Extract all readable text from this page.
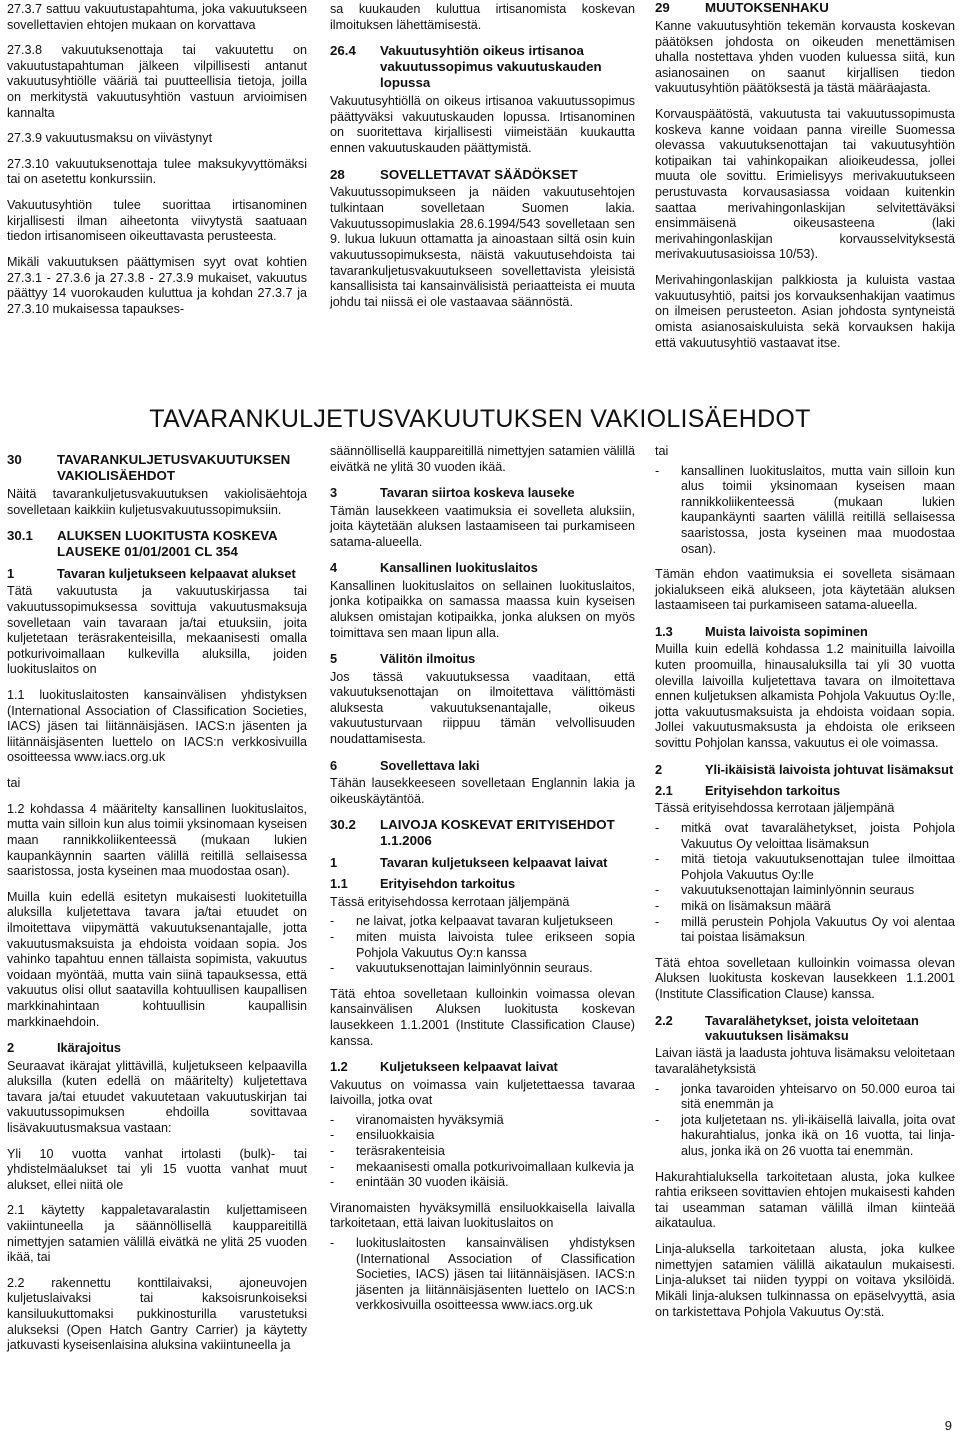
27.3.7 sattuu vakuutustapahtuma, joka vakuutukseen sovellettavien ehtojen mukaan on korvattava

27.3.8 vakuutuksenottaja tai vakuutettu on vakuutustapahtuman jälkeen vilpillisesti antanut vakuutusyhtiölle vääriä tai puutteellisia tietoja, joilla on merkitystä vakuutusyhtiön vastuun arvioimisen kannalta

27.3.9 vakuutusmaksu on viivästynyt

27.3.10 vakuutuksenottaja tulee maksukyvyttömäksi tai on asetettu konkurssiin.

Vakuutusyhtiön tulee suorittaa irtisanominen kirjallisesti ilman aiheetonta viivytystä saatuaan tiedon irtisanomiseen oikeuttavasta perusteesta.

Mikäli vakuutuksen päättymisen syyt ovat kohtien 27.3.1 - 27.3.6 ja 27.3.8 - 27.3.9 mukaiset, vakuutus päättyy 14 vuorokauden kuluttua ja kohdan 27.3.7 ja 27.3.10 mukaisessa tapaukses-

sa kuukauden kuluttua irtisanomista koskevan ilmoituksen lähettämisestä.

26.4	Vakuutusyhtiön oikeus irtisanoa vakuutussopimus vakuutuskauden lopussa

Vakuutusyhtiöllä on oikeus irtisanoa vakuutussopimus päättyväksi vakuutuskauden lopussa. Irtisanominen on suoritettava kirjallisesti viimeistään kuukautta ennen vakuutuskauden päättymistä.

28	SOVELLETTAVAT SÄÄDÖKSET

Vakuutussopimukseen ja näiden vakuutusehtojen tulkintaan sovelletaan Suomen lakia. Vakuutussopimuslakia 28.6.1994/543 sovelletaan sen 9. lukua lukuun ottamatta ja ainoastaan siltä osin kuin vakuutussopimuksesta, näistä vakuutusehdoista tai tavarankuljetusvakuutukseen sovellettavista yleisistä kansallisista tai kansainvälisistä periaatteista ei muuta johdu tai niissä ei ole vastaavaa säännöstä.

29	MUUTOKSENHAKU

Kanne vakuutusyhtiön tekemän korvausta koskevan päätöksen johdosta on oikeuden menettämisen uhalla nostettava yhden vuoden kuluessa siitä, kun asianosainen on saanut kirjallisen tiedon vakuutusyhtiön päätöksestä ja tästä määräajasta.

Korvauspäätöstä, vakuutusta tai vakuutussopimusta koskeva kanne voidaan panna vireille Suomessa olevassa vakuutuksenottajan tai vakuutusyhtiön kotipaikan tai vahinkopaikan alioikeudessa, jollei muuta ole sovittu. Erimielisyys merivakuutukseen perustuvasta korvausasiassa voidaan kuitenkin saattaa merivahingonlaskijan selvitettäväksi ensimmäisenä oikeusasteena (laki merivahingonlaskijan korvausselvityksestä merivakuutusasioissa 10/53).

Merivahingonlaskijan palkkiosta ja kuluista vastaa vakuutusyhtiö, paitsi jos korvauksenhakijan vaatimus on ilmeisen perusteeton. Asian johdosta syntyneistä omista asianosaiskuluista sekä korvauksen hakija että vakuutusyhtiö vastaavat itse.

TAVARANKULJETUSVAKUUTUKSEN VAKIOLISÄEHDOT
30	TAVARANKULJETUSVAKUUTUKSEN VAKIOLISÄEHDOT

Näitä tavarankuljetusvakuutuksen vakiolisäehtoja sovelletaan kaikkiin kuljetusvakuutussopimuksiin.

30.1	ALUKSEN LUOKITUSTA KOSKEVA LAUSEKE 01/01/2001 CL 354
1	Tavaran kuljetukseen kelpaavat alukset

Tätä vakuutusta ja vakuutuskirjassa tai vakuutussopimuksessa sovittuja vakuutusmaksuja sovelletaan vain tavaraan ja/tai etuuksiin, joita kuljetetaan teräsrakenteisilla, mekaanisesti omalla potkurivoimallaan kulkevilla aluksilla, joiden luokituslaitos on

1.1 luokituslaitosten kansainvälisen yhdistyksen (International Association of Classification Societies, IACS) jäsen tai liitännäisjäsen. IACS:n jäsenten ja liitännäisjäsenten luettelo on IACS:n verkkosivuilla osoitteessa www.iacs.org.uk

tai

1.2 kohdassa 4 määritelty kansallinen luokituslaitos, mutta vain silloin kun alus toimii yksinomaan kyseisen maan rannikkoliikenteessä (mukaan lukien kaupankäynnin saarten välillä reitillä sellaisessa saaristossa, josta kyseinen maa muodostaa osan).

Muilla kuin edellä esitetyn mukaisesti luokitetuilla aluksilla kuljetettava tavara ja/tai etuudet on ilmoitettava viipymättä vakuutuksenantajalle, jotta vakuutusmaksuista ja ehdoista voidaan sopia. Jos vahinko tapahtuu ennen tällaista sopimista, vakuutus voidaan myöntää, mutta vain siinä tapauksessa, että vakuutus olisi ollut saatavilla kohtuullisen kaupallisen markkinahintaan kohtuullisin kaupallisin markkinaehdoin.

2	Ikärajoitus

Seuraavat ikärajat ylittävillä, kuljetukseen kelpaavilla aluksilla (kuten edellä on määritelty) kuljetettava tavara ja/tai etuudet vakuutetaan vakuutuskirjan tai vakuutussopimuksen ehdoilla sovittavaa lisävakuutusmaksua vastaan:

Yli 10 vuotta vanhat irtolasti (bulk)- tai yhdistelmäalukset tai yli 15 vuotta vanhat muut alukset, ellei niitä ole

2.1 käytetty kappaletavaralastin kuljettamiseen vakiintuneella ja säännöllisellä kauppareitillä nimettyjen satamien välillä eivätkä ne ylitä 25 vuoden ikää, tai

2.2 rakennettu konttilaivaksi, ajoneuvojen kuljetuslaivaksi tai kaksoisrunkoiseksi kansiluukuttomaksi pukkinosturilla varustetuksi alukseksi (Open Hatch Gantry Carrier) ja käytetty jatkuvasti kyseisenlaisina aluksina vakiintuneella ja

säännöllisellä kauppareitillä nimettyjen satamien välillä eivätkä ne ylitä 30 vuoden ikää.

3	Tavaran siirtoa koskeva lauseke

Tämän lausekkeen vaatimuksia ei sovelleta aluksiin, joita käytetään aluksen lastaamiseen tai purkamiseen satama-alueella.

4	Kansallinen luokituslaitos

Kansallinen luokituslaitos on sellainen luokituslaitos, jonka kotipaikka on samassa maassa kuin kyseisen aluksen omistajan kotipaikka, jonka aluksen on myös toimittava sen maan lipun alla.

5	Välitön ilmoitus

Jos tässä vakuutuksessa vaaditaan, että vakuutuksenottajan on ilmoitettava välittömästi aluksesta vakuutuksenantajalle, oikeus vakuutusturvaan riippuu tämän velvollisuuden noudattamisesta.

6	Sovellettava laki

Tähän lausekkeeseen sovelletaan Englannin lakia ja oikeuskäytäntöä.

30.2	LAIVOJA KOSKEVAT ERITYISEHDOT 1.1.2006
1	Tavaran kuljetukseen kelpaavat laivat
1.1	Erityisehdon tarkoitus

Tässä erityisehdossa kerrotaan jäljempänä

-	ne laivat, jotka kelpaavat tavaran kuljetukseen
-	miten muista laivoista tulee erikseen sopia Pohjola Vakuutus Oy:n kanssa
-	vakuutuksenottajan laiminlyönnin seuraus.

Tätä ehtoa sovelletaan kulloinkin voimassa olevan kansainvälisen Aluksen luokitusta koskevan lausekkeen 1.1.2001 (Institute Classification Clause) kanssa.

1.2	Kuljetukseen kelpaavat laivat

Vakuutus on voimassa vain kuljetettaessa tavaraa laivoilla, jotka ovat

-	viranomaisten hyväksymiä
-	ensiluokkaisia
-	teräsrakenteisia
-	mekaanisesti omalla potkurivoimallaan kulkevia ja
-	enintään 30 vuoden ikäisiä.

Viranomaisten hyväksymillä ensiluokkaisella laivalla tarkoitetaan, että laivan luokituslaitos on

-	luokituslaitosten kansainvälisen yhdistyksen (International Association of Classification Societies, IACS) jäsen tai liitännäisjäsen. IACS:n jäsenten ja liitännäisjäsenten luettelo on IACS:n verkkosivuilla osoitteessa www.iacs.org.uk

tai

-	kansallinen luokituslaitos, mutta vain silloin kun alus toimii yksinomaan kyseisen maan rannikkoliikenteessä (mukaan lukien kaupankäynti saarten välillä reitillä sellaisessa saaristossa, josta kyseinen maa muodostaa osan).

Tämän ehdon vaatimuksia ei sovelleta sisämaan jokialukseen eikä alukseen, jota käytetään aluksen lastaamiseen tai purkamiseen satama-alueella.

1.3	Muista laivoista sopiminen

Muilla kuin edellä kohdassa 1.2 mainituilla laivoilla kuten proomuilla, hinausaluksilla tai yli 30 vuotta olevilla laivoilla kuljetettava tavara on ilmoitettava ennen kuljetuksen alkamista Pohjola Vakuutus Oy:lle, jotta vakuutusmaksuista ja ehdoista voidaan sopia. Jollei vakuutusmaksusta ja ehdoista ole erikseen sovittu Pohjolan kanssa, vakuutus ei ole voimassa.

2	Yli-ikäisistä laivoista johtuvat lisämaksut
2.1	Erityisehdon tarkoitus

Tässä erityisehdossa kerrotaan jäljempänä

-	mitkä ovat tavaralähetykset, joista Pohjola Vakuutus Oy veloittaa lisämaksun
-	mitä tietoja vakuutuksenottajan tulee ilmoittaa Pohjola Vakuutus Oy:lle
-	vakuutuksenottajan laiminlyönnin seuraus
-	mikä on lisämaksun määrä
-	millä perustein Pohjola Vakuutus Oy voi alentaa tai poistaa lisämaksun

Tätä ehtoa sovelletaan kulloinkin voimassa olevan Aluksen luokitusta koskevan lausekkeen 1.1.2001 (Institute Classification Clause) kanssa.

2.2	Tavaralähetykset, joista veloitetaan vakuutuksen lisämaksu

Laivan iästä ja laadusta johtuva lisämaksu veloitetaan tavaralähetyksistä

-	jonka tavaroiden yhteisarvo on 50.000 euroa tai sitä enemmän ja
-	jota kuljetetaan ns. yli-ikäisellä laivalla, joita ovat hakurahtialus, jonka ikä on 16 vuotta, tai linja-alus, jonka ikä on 26 vuotta tai enemmän.

Hakurahtialuksella tarkoitetaan alusta, joka kulkee rahtia erikseen sovittavien ehtojen mukaisesti kahden tai useamman sataman välillä ilman kiinteää aikataulua.

Linja-aluksella tarkoitetaan alusta, joka kulkee nimettyjen satamien välillä aikataulun mukaisesti. Linja-alukset tai niiden tyyppi on voitava yksilöidä. Mikäli linja-aluksen tulkinnassa on epäselvyyttä, asia on tarkistettava Pohjola Vakuutus Oy:stä.

9
